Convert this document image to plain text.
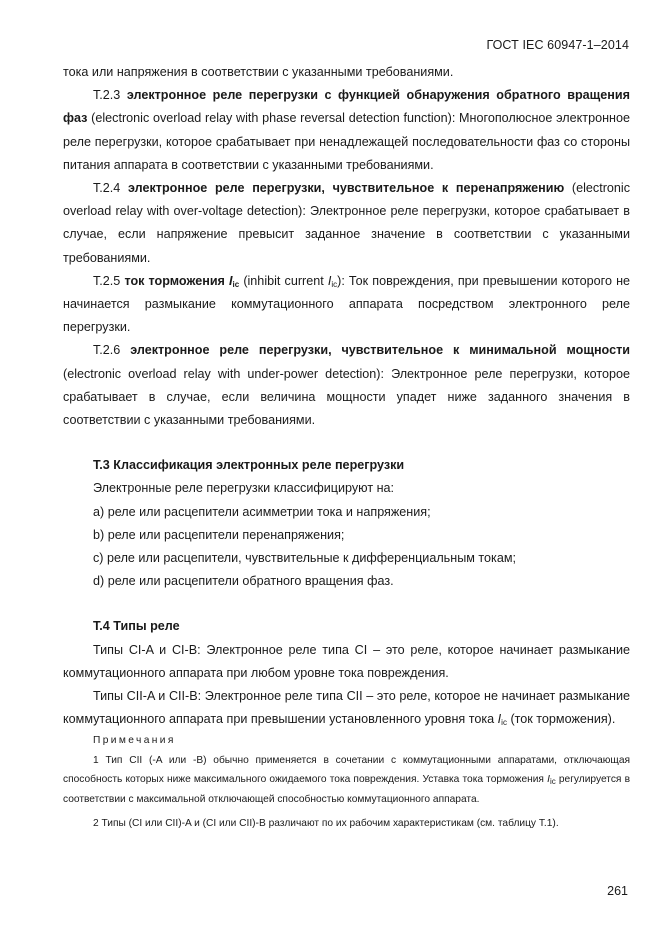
ГОСТ IEC 60947-1–2014

тока или напряжения в соответствии с указанными требованиями.

Т.2.3 электронное реле перегрузки с функцией обнаружения обратного вращения фаз (electronic overload relay with phase reversal detection function): Многополюсное электронное реле перегрузки, которое срабатывает при ненадлежащей последовательности фаз со стороны питания аппарата в соответствии с указанными требованиями.

Т.2.4 электронное реле перегрузки, чувствительное к перенапряжению (electronic overload relay with over-voltage detection): Электронное реле перегрузки, которое срабатывает в случае, если напряжение превысит заданное значение в соответствии с указанными требованиями.

Т.2.5 ток торможения $I_{ic}$ (inhibit current $I_{ic}$): Ток повреждения, при превышении которого не начинается размыкание коммутационного аппарата посредством электронного реле перегрузки.

Т.2.6 электронное реле перегрузки, чувствительное к минимальной мощности (electronic overload relay with under-power detection): Электронное реле перегрузки, которое срабатывает в случае, если величина мощности упадет ниже заданного значения в соответствии с указанными требованиями.

Т.3 Классификация электронных реле перегрузки

Электронные реле перегрузки классифицируют на:

a) реле или расцепители асимметрии тока и напряжения;

b) реле или расцепители перенапряжения;

c) реле или расцепители, чувствительные к дифференциальным токам;

d) реле или расцепители обратного вращения фаз.

Т.4 Типы реле

Типы CI-A и CI-B: Электронное реле типа CI – это реле, которое начинает размыкание коммутационного аппарата при любом уровне тока повреждения.

Типы CII-A и CII-B: Электронное реле типа CII – это реле, которое не начинает размыкание коммутационного аппарата при превышении установленного уровня тока $I_{ic}$ (ток торможения).

Примечания

1 Тип CII (-A или -B) обычно применяется в сочетании с коммутационными аппаратами, отключающая способность которых ниже максимального ожидаемого тока повреждения. Уставка тока торможения $I_{ic}$ регулируется в соответствии с максимальной отключающей способностью коммутационного аппарата.

2 Типы (CI или CII)-A и (CI или CII)-B различают по их рабочим характеристикам (см. таблицу Т.1).

261
